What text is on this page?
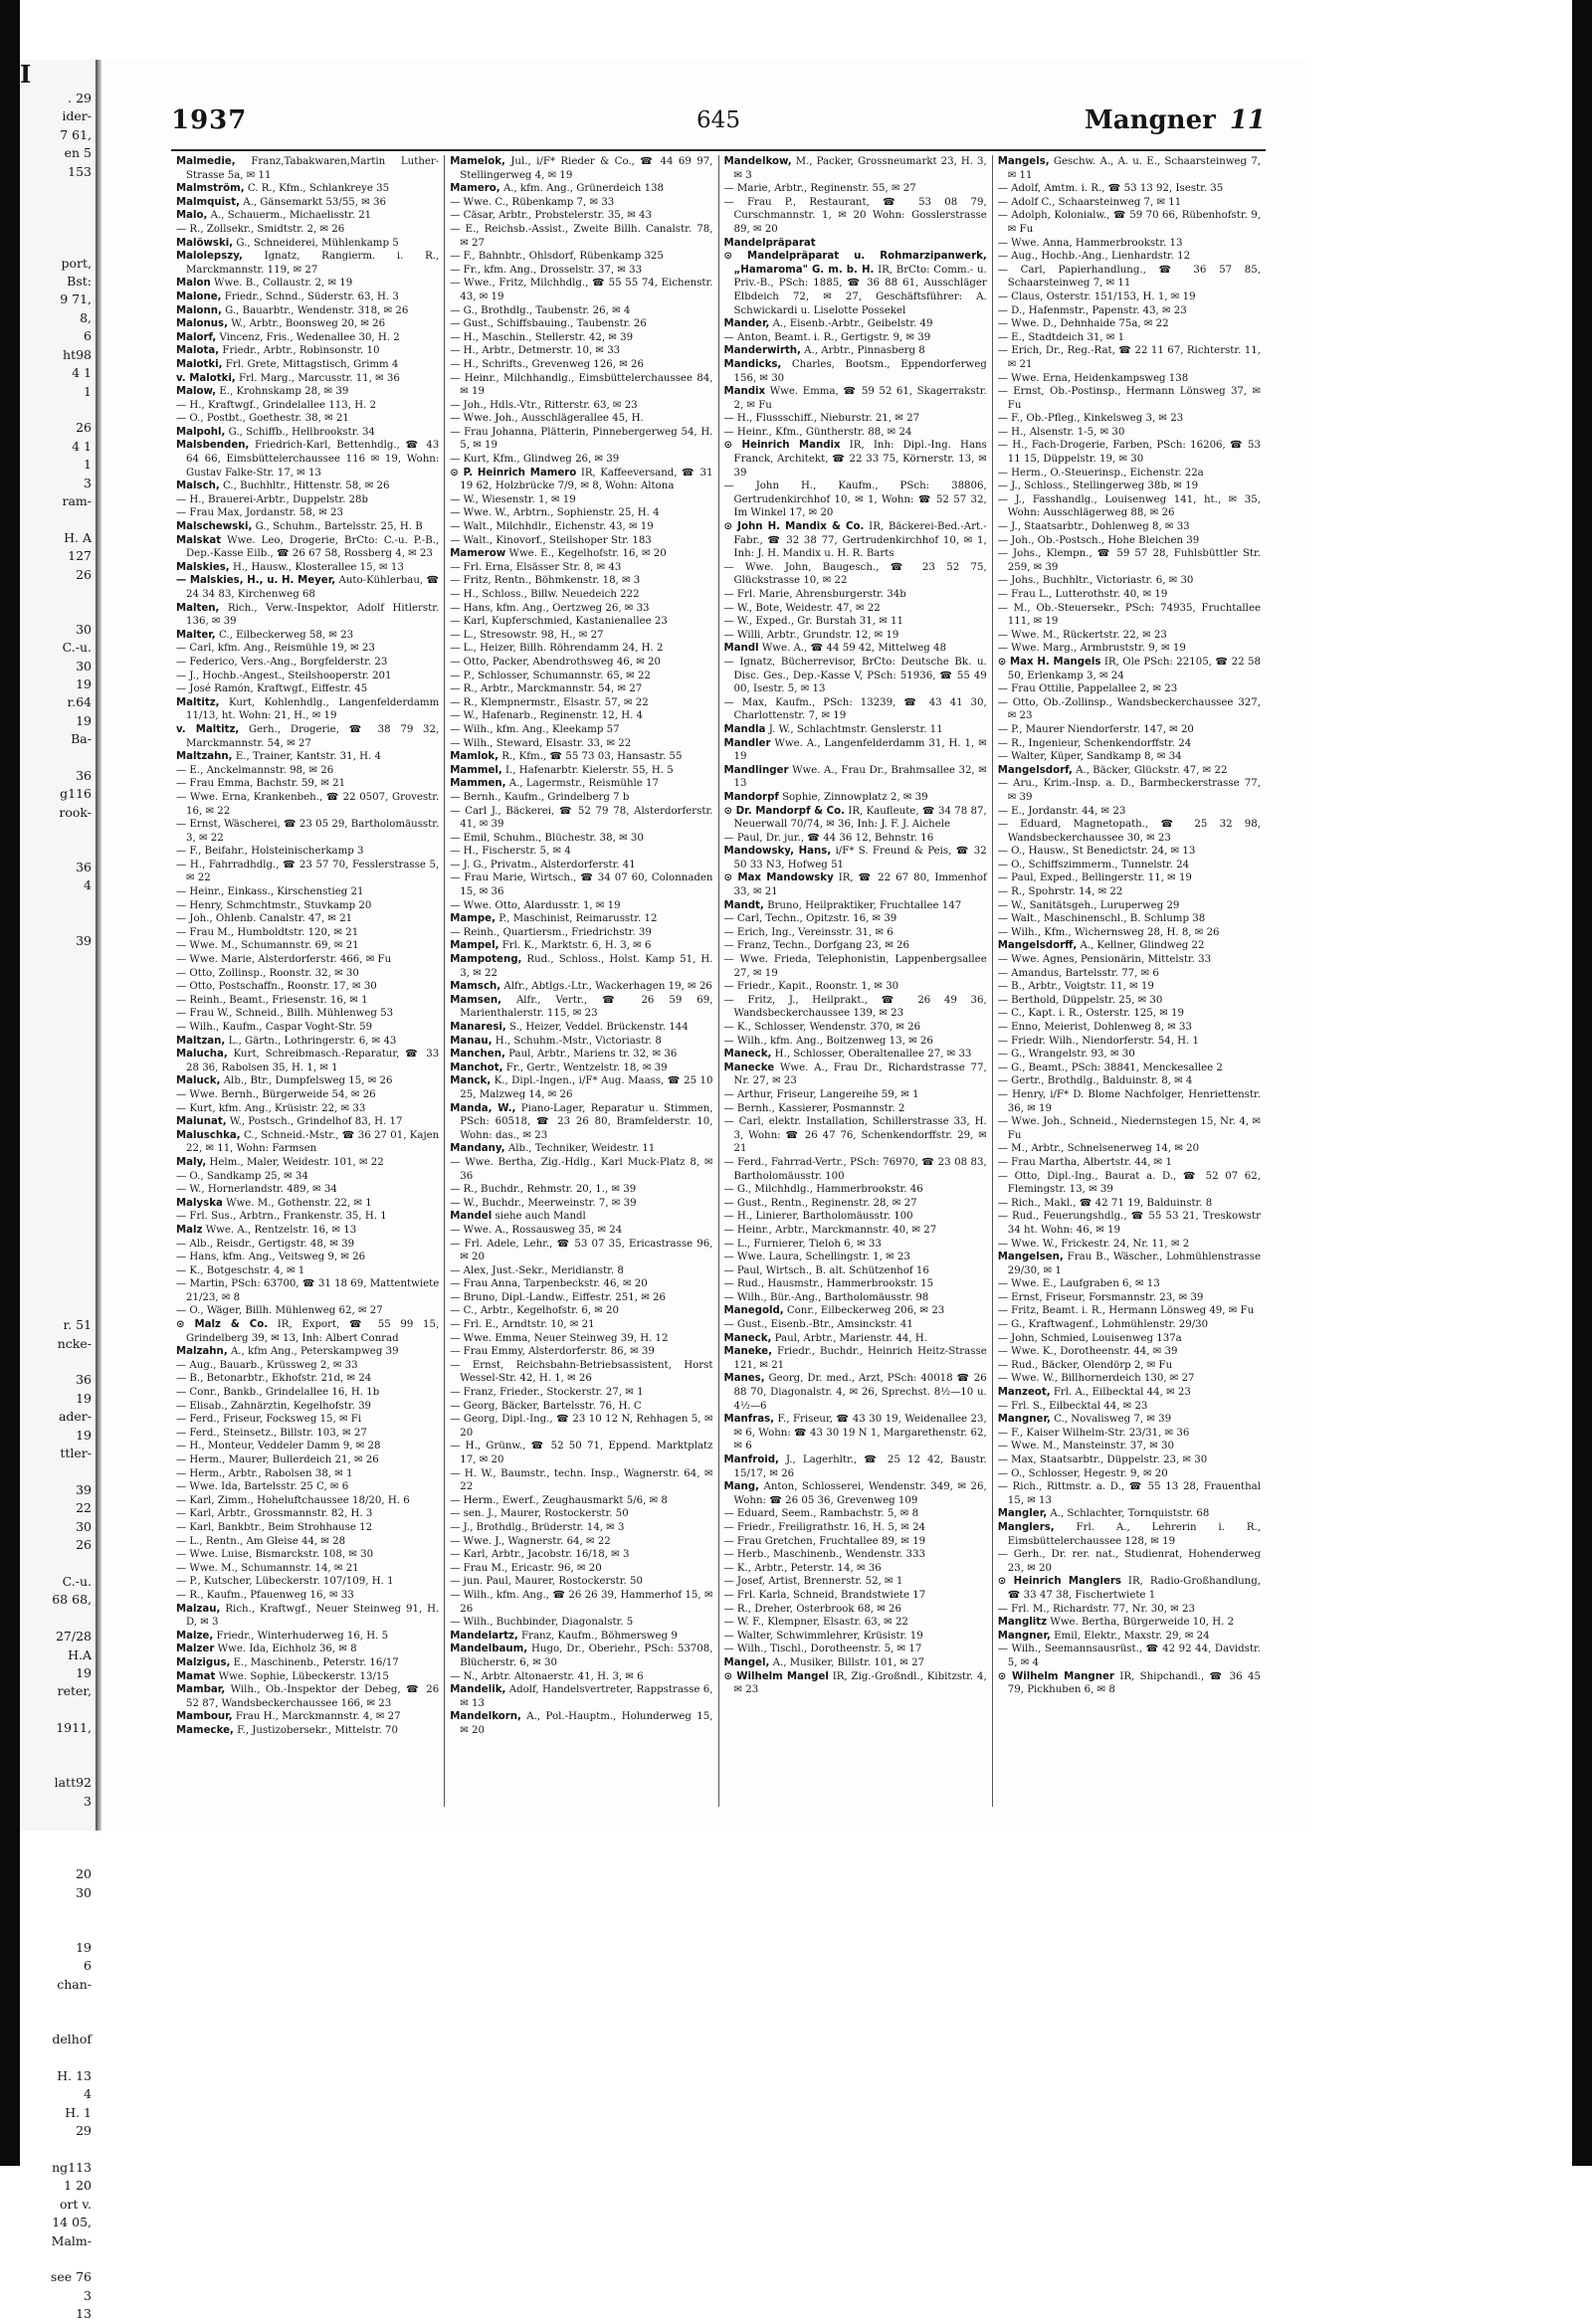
I
. 29
ider-
7 61,
en 5
153

port,
Bst:
9 71,
8,
6
ht98
4 1
1

26
4 1
1
3
ram-

H. A
127
26

30
C.-u.
30
19
r.64
19
Ba-

36
g116
rook-

36
4

39

r. 51
ncke-

36
19
ader-
19
ttler-

39
22
30
26

C.-u.
68 68,

27/28
H.A
19
reter,

1911,

latt92
3

20
30

19
6
chan-

delhof

H. 13
4
H. 1
29

ng113
1 20
ort v.
14 05,
Malm-

see 76
3
13
1937	645	Mangner 11

Malmedie, Franz,Tabakwaren,Martin Luther-Strasse 5a, ✉ 11

Malmström, C. R., Kfm., Schlankreye 35

Malmquist, A., Gänsemarkt 53/55, ✉ 36

Malo, A., Schauerm., Michaelisstr. 21

— R., Zollsekr., Smidtstr. 2, ✉ 26

Malöwski, G., Schneiderei, Mühlenkamp 5

Malolepszy, Ignatz, Rangierm. i. R., Marckmannstr. 119, ✉ 27

Malon Wwe. B., Collaustr. 2, ✉ 19

Malone, Friedr., Schnd., Süderstr. 63, H. 3

Malonn, G., Bauarbtr., Wendenstr. 318, ✉ 26

Malonus, W., Arbtr., Boonsweg 20, ✉ 26

Malorf, Vincenz, Fris., Wedenallee 30, H. 2

Malota, Friedr., Arbtr., Robinsonstr. 10

Malotki, Frl. Grete, Mittagstisch, Grimm 4

v. Malotki, Frl. Marg., Marcusstr. 11, ✉ 36

Malow, E., Krohnskamp 28, ✉ 39

— H., Kraftwgf., Grindelallee 113, H. 2

— O., Postbt., Goethestr. 38, ✉ 21

Malpohl, G., Schiffb., Hellbrookstr. 34

Malsbenden, Friedrich-Karl, Bettenhdlg., ☎ 43 64 66, Eimsbüttelerchaussee 116 ✉ 19, Wohn: Gustav Falke-Str. 17, ✉ 13

Malsch, C., Buchhltr., Hittenstr. 58, ✉ 26

— H., Brauerei-Arbtr., Duppelstr. 28b

— Frau Max, Jordanstr. 58, ✉ 23

Malschewski, G., Schuhm., Bartelsstr. 25, H. B

Malskat Wwe. Leo, Drogerie, BrCto: C.-u. P.-B., Dep.-Kasse Eilb., ☎ 26 67 58, Rossberg 4, ✉ 23

Malskies, H., Hausw., Klosterallee 15, ✉ 13

— Malskies, H., u. H. Meyer, Auto-Kühlerbau, ☎ 24 34 83, Kirchenweg 68

Malten, Rich., Verw.-Inspektor, Adolf Hitlerstr. 136, ✉ 39

Malter, C., Eilbeckerweg 58, ✉ 23

— Carl, kfm. Ang., Reismühle 19, ✉ 23

— Federico, Vers.-Ang., Borgfelderstr. 23

— J., Hochb.-Angest., Steilshooperstr. 201

— José Ramón, Kraftwgf., Eiffestr. 45

Maltitz, Kurt, Kohlenhdlg., Langenfelderdamm 11/13, ht. Wohn: 21, H., ✉ 19

v. Maltitz, Gerh., Drogerie, ☎ 38 79 32, Marckmannstr. 54, ✉ 27

Maltzahn, E., Trainer, Kantstr. 31, H. 4

— E., Anckelmannstr. 98, ✉ 26

— Frau Emma, Bachstr. 59, ✉ 21

— Wwe. Erna, Krankenbeh., ☎ 22 0507, Grovestr. 16, ✉ 22

— Ernst, Wäscherei, ☎ 23 05 29, Bartholomäusstr. 3, ✉ 22

— F., Beifahr., Holsteinischerkamp 3

— H., Fahrradhdlg., ☎ 23 57 70, Fesslerstrasse 5, ✉ 22

— Heinr., Einkass., Kirschenstieg 21

— Henry, Schmchtmstr., Stuvkamp 20

— Joh., Ohlenb. Canalstr. 47, ✉ 21

— Frau M., Humboldtstr. 120, ✉ 21

— Wwe. M., Schumannstr. 69, ✉ 21

— Wwe. Marie, Alsterdorferstr. 466, ✉ Fu

— Otto, Zollinsp., Roonstr. 32, ✉ 30

— Otto, Postschaffn., Roonstr. 17, ✉ 30

— Reinh., Beamt., Friesenstr. 16, ✉ 1

— Frau W., Schneid., Billh. Mühlenweg 53

— Wilh., Kaufm., Caspar Voght-Str. 59

Maltzan, L., Gärtn., Lothringerstr. 6, ✉ 43

Malucha, Kurt, Schreibmasch.-Reparatur, ☎ 33 28 36, Rabolsen 35, H. 1, ✉ 1

Maluck, Alb., Btr., Dumpfelsweg 15, ✉ 26

— Wwe. Bernh., Bürgerweide 54, ✉ 26

— Kurt, kfm. Ang., Krüsistr. 22, ✉ 33

Malunat, W., Postsch., Grindelhof 83, H. 17

Maluschka, C., Schneid.-Mstr., ☎ 36 27 01, Kajen 22, ✉ 11, Wohn: Farmsen

Maly, Helm., Maler, Weidestr. 101, ✉ 22

— O., Sandkamp 25, ✉ 34

— W., Hornerlandstr. 489, ✉ 34

Malyska Wwe. M., Gothenstr. 22, ✉ 1

— Frl. Sus., Arbtrn., Frankenstr. 35, H. 1

Malz Wwe. A., Rentzelstr. 16, ✉ 13

— Alb., Reisdr., Gertigstr. 48, ✉ 39

— Hans, kfm. Ang., Veitsweg 9, ✉ 26

— K., Botgeschstr. 4, ✉ 1

— Martin, PSch: 63700, ☎ 31 18 69, Mattentwiete 21/23, ✉ 8

— O., Wäger, Billh. Mühlenweg 62, ✉ 27

⊙ Malz & Co. IR, Export, ☎ 55 99 15, Grindelberg 39, ✉ 13, Inh: Albert Conrad

Malzahn, A., kfm Ang., Peterskampweg 39

— Aug., Bauarb., Krüssweg 2, ✉ 33

— B., Betonarbtr., Ekhofstr. 21d, ✉ 24

— Conr., Bankb., Grindelallee 16, H. 1b

— Elisab., Zahnärztin, Kegelhofstr. 39

— Ferd., Friseur, Focksweg 15, ✉ Fi

— Ferd., Steinsetz., Billstr. 103, ✉ 27

— H., Monteur, Veddeler Damm 9, ✉ 28

— Herm., Maurer, Bullerdeich 21, ✉ 26

— Herm., Arbtr., Rabolsen 38, ✉ 1

— Wwe. Ida, Bartelsstr. 25 C, ✉ 6

— Karl, Zimm., Hoheluftchaussee 18/20, H. 6

— Karl, Arbtr., Grossmannstr. 82, H. 3

— Karl, Bankbtr., Beim Strohhause 12

— L., Rentn., Am Gleise 44, ✉ 28

— Wwe. Luise, Bismarckstr. 108, ✉ 30

— Wwe. M., Schumannstr. 14, ✉ 21

— P., Kutscher, Lübeckerstr. 107/109, H. 1

— R., Kaufm., Pfauenweg 16, ✉ 33

Malzau, Rich., Kraftwgf., Neuer Steinweg 91, H. D, ✉ 3

Malze, Friedr., Winterhuderweg 16, H. 5

Malzer Wwe. Ida, Eichholz 36, ✉ 8

Malzigus, E., Maschinenb., Peterstr. 16/17

Mamat Wwe. Sophie, Lübeckerstr. 13/15

Mambar, Wilh., Ob.-Inspektor der Debeg, ☎ 26 52 87, Wandsbeckerchaussee 166, ✉ 23

Mambour, Frau H., Marckmannstr. 4, ✉ 27

Mamecke, F., Justizobersekr., Mittelstr. 70

Mamelok, Jul., i/F* Rieder & Co., ☎ 44 69 97, Stellingerweg 4, ✉ 19

Mamero, A., kfm. Ang., Grünerdeich 138

— Wwe. C., Rübenkamp 7, ✉ 33

— Cäsar, Arbtr., Probstelerstr. 35, ✉ 43

— E., Reichsb.-Assist., Zweite Billh. Canalstr. 78, ✉ 27

— F., Bahnbtr., Ohlsdorf, Rübenkamp 325

— Fr., kfm. Ang., Drosselstr. 37, ✉ 33

— Wwe., Fritz, Milchhdlg., ☎ 55 55 74, Eichenstr. 43, ✉ 19

— G., Brothdlg., Taubenstr. 26, ✉ 4

— Gust., Schiffsbauing., Taubenstr. 26

— H., Maschin., Stellerstr. 42, ✉ 39

— H., Arbtr., Detmerstr. 10, ✉ 33

— H., Schrifts., Grevenweg 126, ✉ 26

— Heinr., Milchhandlg., Eimsbüttelerchaussee 84, ✉ 19

— Joh., Hdls.-Vtr., Ritterstr. 63, ✉ 23

— Wwe. Joh., Ausschlägerallee 45, H.

— Frau Johanna, Plätterin, Pinnebergerweg 54, H. 5, ✉ 19

— Kurt, Kfm., Glindweg 26, ✉ 39

⊙ P. Heinrich Mamero IR, Kaffeeversand, ☎ 31 19 62, Holzbrücke 7/9, ✉ 8, Wohn: Altona

— W., Wiesenstr. 1, ✉ 19

— Wwe. W., Arbtrn., Sophienstr. 25, H. 4

— Walt., Milchhdlr., Eichenstr. 43, ✉ 19

— Walt., Kinovorf., Steilshoper Str. 183

Mamerow Wwe. E., Kegelhofstr. 16, ✉ 20

— Frl. Erna, Elsässer Str. 8, ✉ 43

— Fritz, Rentn., Böhmkenstr. 18, ✉ 3

— H., Schloss., Billw. Neuedeich 222

— Hans, kfm. Ang., Oertzweg 26, ✉ 33

— Karl, Kupferschmied, Kastanienallee 23

— L., Stresowstr. 98, H., ✉ 27

— L., Heizer, Billh. Röhrendamm 24, H. 2

— Otto, Packer, Abendrothsweg 46, ✉ 20

— P., Schlosser, Schumannstr. 65, ✉ 22

— R., Arbtr., Marckmannstr. 54, ✉ 27

— R., Klempnermstr., Elsastr. 57, ✉ 22

— W., Hafenarb., Reginenstr. 12, H. 4

— Wilh., kfm. Ang., Kleekamp 57

— Wilh., Steward, Elsastr. 33, ✉ 22

Mamlok, R., Kfm., ☎ 55 73 03, Hansastr. 55

Mammel, I., Hafenarbtr. Kielerstr. 55, H. 5

Mammen, A., Lagermstr., Reismühle 17

— Bernh., Kaufm., Grindelberg 7 b

— Carl J., Bäckerei, ☎ 52 79 78, Alsterdorferstr. 41, ✉ 39

— Emil, Schuhm., Blüchestr. 38, ✉ 30

— H., Fischerstr. 5, ✉ 4

— J. G., Privatm., Alsterdorferstr. 41

— Frau Marie, Wirtsch., ☎ 34 07 60, Colonnaden 15, ✉ 36

— Wwe. Otto, Alardusstr. 1, ✉ 19

Mampe, P., Maschinist, Reimarusstr. 12

— Reinh., Quartiersm., Friedrichstr. 39

Mampel, Frl. K., Marktstr. 6, H. 3, ✉ 6

Mampoteng, Rud., Schloss., Holst. Kamp 51, H. 3, ✉ 22

Mamsch, Alfr., Abtlgs.-Ltr., Wackerhagen 19, ✉ 26

Mamsen, Alfr., Vertr., ☎ 26 59 69, Marienthalerstr. 115, ✉ 23

Manaresi, S., Heizer, Veddel. Brückenstr. 144

Manau, H., Schuhm.-Mstr., Victoriastr. 8

Manchen, Paul, Arbtr., Mariens tr. 32, ✉ 36

Manchot, Fr., Gertr., Wentzelstr. 18, ✉ 39

Manck, K., Dipl.-Ingen., i/F* Aug. Maass, ☎ 25 10 25, Malzweg 14, ✉ 26

Manda, W., Piano-Lager, Reparatur u. Stimmen, PSch: 60518, ☎ 23 26 80, Bramfelderstr. 10, Wohn: das., ✉ 23

Mandany, Alb., Techniker, Weidestr. 11

— Wwe. Bertha, Zig.-Hdlg., Karl Muck-Platz 8, ✉ 36

— R., Buchdr., Rehmstr. 20, 1., ✉ 39

— W., Buchdr., Meerweinstr. 7, ✉ 39

Mandel siehe auch Mandl

— Wwe. A., Rossausweg 35, ✉ 24

— Frl. Adele, Lehr., ☎ 53 07 35, Ericastrasse 96, ✉ 20

— Alex, Just.-Sekr., Meridianstr. 8

— Frau Anna, Tarpenbeckstr. 46, ✉ 20

— Bruno, Dipl.-Landw., Eiffestr. 251, ✉ 26

— C., Arbtr., Kegelhofstr. 6, ✉ 20

— Frl. E., Arndtstr. 10, ✉ 21

— Wwe. Emma, Neuer Steinweg 39, H. 12

— Frau Emmy, Alsterdorferstr. 86, ✉ 39

— Ernst, Reichsbahn-Betriebsassistent, Horst Wessel-Str. 42, H. 1, ✉ 26

— Franz, Frieder., Stockerstr. 27, ✉ 1

— Georg, Bäcker, Bartelsstr. 76, H. C

— Georg, Dipl.-Ing., ☎ 23 10 12 N, Rehhagen 5, ✉ 20

— H., Grünw., ☎ 52 50 71, Eppend. Marktplatz 17, ✉ 20

— H. W., Baumstr., techn. Insp., Wagnerstr. 64, ✉ 22

— Herm., Ewerf., Zeughausmarkt 5/6, ✉ 8

— sen. J., Maurer, Rostockerstr. 50

— J., Brothdlg., Brüderstr. 14, ✉ 3

— Wwe. J., Wagnerstr. 64, ✉ 22

— Karl, Arbtr., Jacobstr. 16/18, ✉ 3

— Frau M., Ericastr. 96, ✉ 20

— jun. Paul, Maurer, Rostockerstr. 50

— Wilh., kfm. Ang., ☎ 26 26 39, Hammerhof 15, ✉ 26

— Wilh., Buchbinder, Diagonalstr. 5

Mandelartz, Franz, Kaufm., Böhmersweg 9

Mandelbaum, Hugo, Dr., Oberiehr., PSch: 53708, Blücherstr. 6, ✉ 30

— N., Arbtr. Altonaerstr. 41, H. 3, ✉ 6

Mandelik, Adolf, Handelsvertreter, Rappstrasse 6, ✉ 13

Mandelkorn, A., Pol.-Hauptm., Holunderweg 15, ✉ 20

Mandelkow, M., Packer, Grossneumarkt 23, H. 3, ✉ 3

— Marie, Arbtr., Reginenstr. 55, ✉ 27

— Frau P., Restaurant, ☎ 53 08 79, Curschmannstr. 1, ✉ 20 Wohn: Gosslerstrasse 89, ✉ 20

Mandelpräparat

⊙ Mandelpräparat u. Rohmarzipanwerk, „Hamaroma" G. m. b. H. IR, BrCto: Comm.- u. Priv.-B., PSch: 1885, ☎ 36 88 61, Ausschläger Elbdeich 72, ✉ 27, Geschäftsführer: A. Schwickardi u. Liselotte Possekel

Mander, A., Eisenb.-Arbtr., Geibelstr. 49

— Anton, Beamt. i. R., Gertigstr. 9, ✉ 39

Manderwirth, A., Arbtr., Pinnasberg 8

Mandicks, Charles, Bootsm., Eppendorferweg 156, ✉ 30

Mandix Wwe. Emma, ☎ 59 52 61, Skagerrakstr. 2, ✉ Fu

— H., Flussschiff., Nieburstr. 21, ✉ 27

— Heinr., Kfm., Güntherstr. 88, ✉ 24

⊙ Heinrich Mandix IR, Inh: Dipl.-Ing. Hans Franck, Architekt, ☎ 22 33 75, Körnerstr. 13, ✉ 39

— John H., Kaufm., PSch: 38806, Gertrudenkirchhof 10, ✉ 1, Wohn: ☎ 52 57 32, Im Winkel 17, ✉ 20

⊙ John H. Mandix & Co. IR, Bäckerei-Bed.-Art.-Fabr., ☎ 32 38 77, Gertrudenkirchhof 10, ✉ 1, Inh: J. H. Mandix u. H. R. Barts

— Wwe. John, Baugesch., ☎ 23 52 75, Glückstrasse 10, ✉ 22

— Frl. Marie, Ahrensburgerstr. 34b

— W., Bote, Weidestr. 47, ✉ 22

— W., Exped., Gr. Burstah 31, ✉ 11

— Willi, Arbtr., Grundstr. 12, ✉ 19

Mandl Wwe. A., ☎ 44 59 42, Mittelweg 48

— Ignatz, Bücherrevisor, BrCto: Deutsche Bk. u. Disc. Ges., Dep.-Kasse V, PSch: 51936, ☎ 55 49 00, Isestr. 5, ✉ 13

— Max, Kaufm., PSch: 13239, ☎ 43 41 30, Charlottenstr. 7, ✉ 19

Mandla J. W., Schlachtmstr. Genslerstr. 11

Mandler Wwe. A., Langenfelderdamm 31, H. 1, ✉ 19

Mandlinger Wwe. A., Frau Dr., Brahmsallee 32, ✉ 13

Mandorpf Sophie, Zinnowplatz 2, ✉ 39

⊙ Dr. Mandorpf & Co. IR, Kaufleute, ☎ 34 78 87, Neuerwall 70/74, ✉ 36, Inh: J. F. J. Aichele

— Paul, Dr. jur., ☎ 44 36 12, Behnstr. 16

Mandowsky, Hans, i/F* S. Freund & Peis, ☎ 32 50 33 N3, Hofweg 51

⊙ Max Mandowsky IR, ☎ 22 67 80, Immenhof 33, ✉ 21

Mandt, Bruno, Heilpraktiker, Fruchtallee 147

— Carl, Techn., Opitzstr. 16, ✉ 39

— Erich, Ing., Vereinsstr. 31, ✉ 6

— Franz, Techn., Dorfgang 23, ✉ 26

— Wwe. Frieda, Telephonistin, Lappenbergsallee 27, ✉ 19

— Friedr., Kapit., Roonstr. 1, ✉ 30

— Fritz, J., Heilprakt., ☎ 26 49 36, Wandsbeckerchaussee 139, ✉ 23

— K., Schlosser, Wendenstr. 370, ✉ 26

— Wilh., kfm. Ang., Boitzenweg 13, ✉ 26

Maneck, H., Schlosser, Oberaltenallee 27, ✉ 33

Manecke Wwe. A., Frau Dr., Richardstrasse 77, Nr. 27, ✉ 23

— Arthur, Friseur, Langereihe 59, ✉ 1

— Bernh., Kassierer, Posmannstr. 2

— Carl, elektr. Installation, Schillerstrasse 33, H. 3, Wohn: ☎ 26 47 76, Schenkendorffstr. 29, ✉ 21

— Ferd., Fahrrad-Vertr., PSch: 76970, ☎ 23 08 83, Bartholomäusstr. 100

— G., Milchhdlg., Hammerbrookstr. 46

— Gust., Rentn., Reginenstr. 28, ✉ 27

— H., Linierer, Bartholomäusstr. 100

— Heinr., Arbtr., Marckmannstr. 40, ✉ 27

— L., Furnierer, Tieloh 6, ✉ 33

— Wwe. Laura, Schellingstr. 1, ✉ 23

— Paul, Wirtsch., B. alt. Schützenhof 16

— Rud., Hausmstr., Hammerbrookstr. 15

— Wilh., Bür.-Ang., Bartholomäusstr. 98

Manegold, Conr., Eilbeckerweg 206, ✉ 23

— Gust., Eisenb.-Btr., Amsinckstr. 41

Maneck, Paul, Arbtr., Marienstr. 44, H.

Maneke, Friedr., Buchdr., Heinrich Heitz-Strasse 121, ✉ 21

Manes, Georg, Dr. med., Arzt, PSch: 40018 ☎ 26 88 70, Diagonalstr. 4, ✉ 26, Sprechst. 8½—10 u. 4½—6

Manfras, F., Friseur, ☎ 43 30 19, Weidenallee 23, ✉ 6, Wohn: ☎ 43 30 19 N 1, Margarethenstr. 62, ✉ 6

Manfroid, J., Lagerhltr., ☎ 25 12 42, Baustr. 15/17, ✉ 26

Mang, Anton, Schlosserei, Wendenstr. 349, ✉ 26, Wohn: ☎ 26 05 36, Grevenweg 109

— Eduard, Seem., Rambachstr. 5, ✉ 8

— Friedr., Freiligrathstr. 16, H. 5, ✉ 24

— Frau Gretchen, Fruchtallee 89, ✉ 19

— Herb., Maschinenb., Wendenstr. 333

— K., Arbtr., Peterstr. 14, ✉ 36

— Josef, Artist, Brennerstr. 52, ✉ 1

— Frl. Karla, Schneid, Brandstwiete 17

— R., Dreher, Osterbrook 68, ✉ 26

— W. F., Klempner, Elsastr. 63, ✉ 22

— Walter, Schwimmlehrer, Krüsistr. 19

— Wilh., Tischl., Dorotheenstr. 5, ✉ 17

Mangel, A., Musiker, Billstr. 101, ✉ 27

⊙ Wilhelm Mangel IR, Zig.-Großndl., Kibitzstr. 4, ✉ 23

Mangels, Geschw. A., A. u. E., Schaarsteinweg 7, ✉ 11

— Adolf, Amtm. i. R., ☎ 53 13 92, Isestr. 35

— Adolf C., Schaarsteinweg 7, ✉ 11

— Adolph, Kolonialw., ☎ 59 70 66, Rübenhofstr. 9, ✉ Fu

— Wwe. Anna, Hammerbrookstr. 13

— Aug., Hochb.-Ang., Lienhardstr. 12

— Carl, Papierhandlung., ☎ 36 57 85, Schaarsteinweg 7, ✉ 11

— Claus, Osterstr. 151/153, H. 1, ✉ 19

— D., Hafenmstr., Papenstr. 43, ✉ 23

— Wwe. D., Dehnhaide 75a, ✉ 22

— E., Stadtdeich 31, ✉ 1

— Erich, Dr., Reg.-Rat, ☎ 22 11 67, Richterstr. 11, ✉ 21

— Wwe. Erna, Heidenkampsweg 138

— Ernst, Ob.-Postinsp., Hermann Lönsweg 37, ✉ Fu

— F., Ob.-Pfleg., Kinkelsweg 3, ✉ 23

— H., Alsenstr. 1-5, ✉ 30

— H., Fach-Drogerie, Farben, PSch: 16206, ☎ 53 11 15, Düppelstr. 19, ✉ 30

— Herm., O.-Steuerinsp., Eichenstr. 22a

— J., Schloss., Stellingerweg 38b, ✉ 19

— J., Fasshandlg., Louisenweg 141, ht., ✉ 35, Wohn: Ausschlägerweg 88, ✉ 26

— J., Staatsarbtr., Dohlenweg 8, ✉ 33

— Joh., Ob.-Postsch., Hohe Bleichen 39

— Johs., Klempn., ☎ 59 57 28, Fuhlsbüttler Str. 259, ✉ 39

— Johs., Buchhltr., Victoriastr. 6, ✉ 30

— Frau L., Lutterothstr. 40, ✉ 19

— M., Ob.-Steuersekr., PSch: 74935, Fruchtallee 111, ✉ 19

— Wwe. M., Rückertstr. 22, ✉ 23

— Wwe. Marg., Armbruststr. 9, ✉ 19

⊙ Max H. Mangels IR, Ole PSch: 22105, ☎ 22 58 50, Erlenkamp 3, ✉ 24

— Frau Ottilie, Pappelallee 2, ✉ 23

— Otto, Ob.-Zollinsp., Wandsbeckerchaussee 327, ✉ 23

— P., Maurer Niendorferstr. 147, ✉ 20

— R., Ingenieur, Schenkendorffstr. 24

— Walter, Küper, Sandkamp 8, ✉ 34

Mangelsdorf, A., Bäcker, Glückstr. 47, ✉ 22

— Aru., Krim.-Insp. a. D., Barmbeckerstrasse 77, ✉ 39

— E., Jordanstr. 44, ✉ 23

— Eduard, Magnetopath., ☎ 25 32 98, Wandsbeckerchaussee 30, ✉ 23

— O., Hausw., St Benedictstr. 24, ✉ 13

— O., Schiffszimmerm., Tunnelstr. 24

— Paul, Exped., Bellingerstr. 11, ✉ 19

— R., Spohrstr. 14, ✉ 22

— W., Sanitätsgeh., Luruperweg 29

— Walt., Maschinenschl., B. Schlump 38

— Wilh., Kfm., Wichernsweg 28, H. 8, ✉ 26

Mangelsdorff, A., Kellner, Glindweg 22

— Wwe. Agnes, Pensionärin, Mittelstr. 33

— Amandus, Bartelsstr. 77, ✉ 6

— B., Arbtr., Voigtstr. 11, ✉ 19

— Berthold, Düppelstr. 25, ✉ 30

— C., Kapt. i. R., Osterstr. 125, ✉ 19

— Enno, Meierist, Dohlenweg 8, ✉ 33

— Friedr. Wilh., Niendorferstr. 54, H. 1

— G., Wrangelstr. 93, ✉ 30

— G., Beamt., PSch: 38841, Menckesallee 2

— Gertr., Brothdlg., Balduinstr. 8, ✉ 4

— Henry, i/F* D. Blome Nachfolger, Henriettenstr. 36, ✉ 19

— Wwe. Joh., Schneid., Niedernstegen 15, Nr. 4, ✉ Fu

— M., Arbtr., Schnelsenerweg 14, ✉ 20

— Frau Martha, Albertstr. 44, ✉ 1

— Otto, Dipl.-Ing., Baurat a. D., ☎ 52 07 62, Flemingstr. 13, ✉ 39

— Rich., Makl., ☎ 42 71 19, Balduinstr. 8

— Rud., Feuerungshdlg., ☎ 55 53 21, Treskowstr 34 ht. Wohn: 46, ✉ 19

— Wwe. W., Frickestr. 24, Nr. 11, ✉ 2

Mangelsen, Frau B., Wäscher., Lohmühlenstrasse 29/30, ✉ 1

— Wwe. E., Laufgraben 6, ✉ 13

— Ernst, Friseur, Forsmannstr. 23, ✉ 39

— Fritz, Beamt. i. R., Hermann Lönsweg 49, ✉ Fu

— G., Kraftwagenf., Lohmühlenstr. 29/30

— John, Schmied, Louisenweg 137a

— Wwe. K., Dorotheenstr. 44, ✉ 39

— Rud., Bäcker, Olendörp 2, ✉ Fu

— Wwe. W., Billhornerdeich 130, ✉ 27

Manzeot, Frl. A., Eilbecktal 44, ✉ 23

— Frl. S., Eilbecktal 44, ✉ 23

Mangner, C., Novalisweg 7, ✉ 39

— F., Kaiser Wilhelm-Str. 23/31, ✉ 36

— Wwe. M., Mansteinstr. 37, ✉ 30

— Max, Staatsarbtr., Düppelstr. 23, ✉ 30

— O., Schlosser, Hegestr. 9, ✉ 20

— Rich., Rittmstr. a. D., ☎ 55 13 28, Frauenthal 15, ✉ 13

Mangler, A., Schlachter, Tornquiststr. 68

Manglers, Frl. A., Lehrerin i. R., Eimsbüttelerchaussee 128, ✉ 19

— Gerh., Dr. rer. nat., Studienrat, Hohenderweg 23, ✉ 20

⊙ Heinrich Manglers IR, Radio-Großhandlung, ☎ 33 47 38, Fischertwiete 1

— Frl. M., Richardstr. 77, Nr. 30, ✉ 23

Manglitz Wwe. Bertha, Bürgerweide 10, H. 2

Mangner, Emil, Elektr., Maxstr. 29, ✉ 24

— Wilh., Seemannsausrüst., ☎ 42 92 44, Davidstr. 5, ✉ 4

⊙ Wilhelm Mangner IR, Shipchandl., ☎ 36 45 79, Pickhuben 6, ✉ 8
